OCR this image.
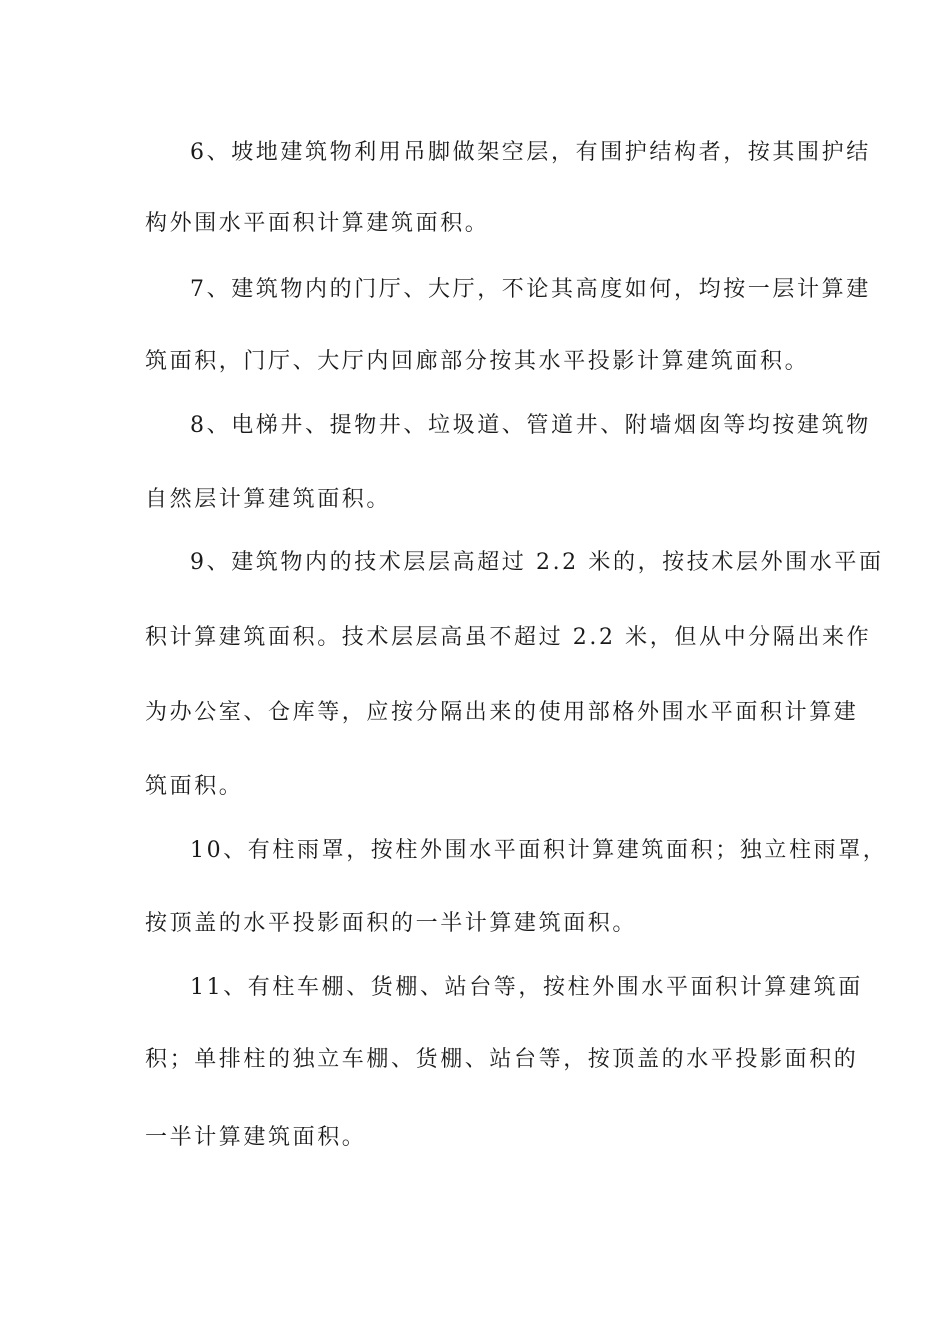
6、坡地建筑物利用吊脚做架空层，有围护结构者，按其围护结
构外围水平面积计算建筑面积。
7、建筑物内的门厅、大厅，不论其高度如何，均按一层计算建
筑面积，门厅、大厅内回廊部分按其水平投影计算建筑面积。
8、电梯井、提物井、垃圾道、管道井、附墙烟囱等均按建筑物
自然层计算建筑面积。
9、建筑物内的技术层层高超过 2.2 米的，按技术层外围水平面
积计算建筑面积。技术层层高虽不超过 2.2 米，但从中分隔出来作
为办公室、仓库等，应按分隔出来的使用部格外围水平面积计算建
筑面积。
10、有柱雨罩，按柱外围水平面积计算建筑面积；独立柱雨罩，
按顶盖的水平投影面积的一半计算建筑面积。
11、有柱车棚、货棚、站台等，按柱外围水平面积计算建筑面
积；单排柱的独立车棚、货棚、站台等，按顶盖的水平投影面积的
一半计算建筑面积。
